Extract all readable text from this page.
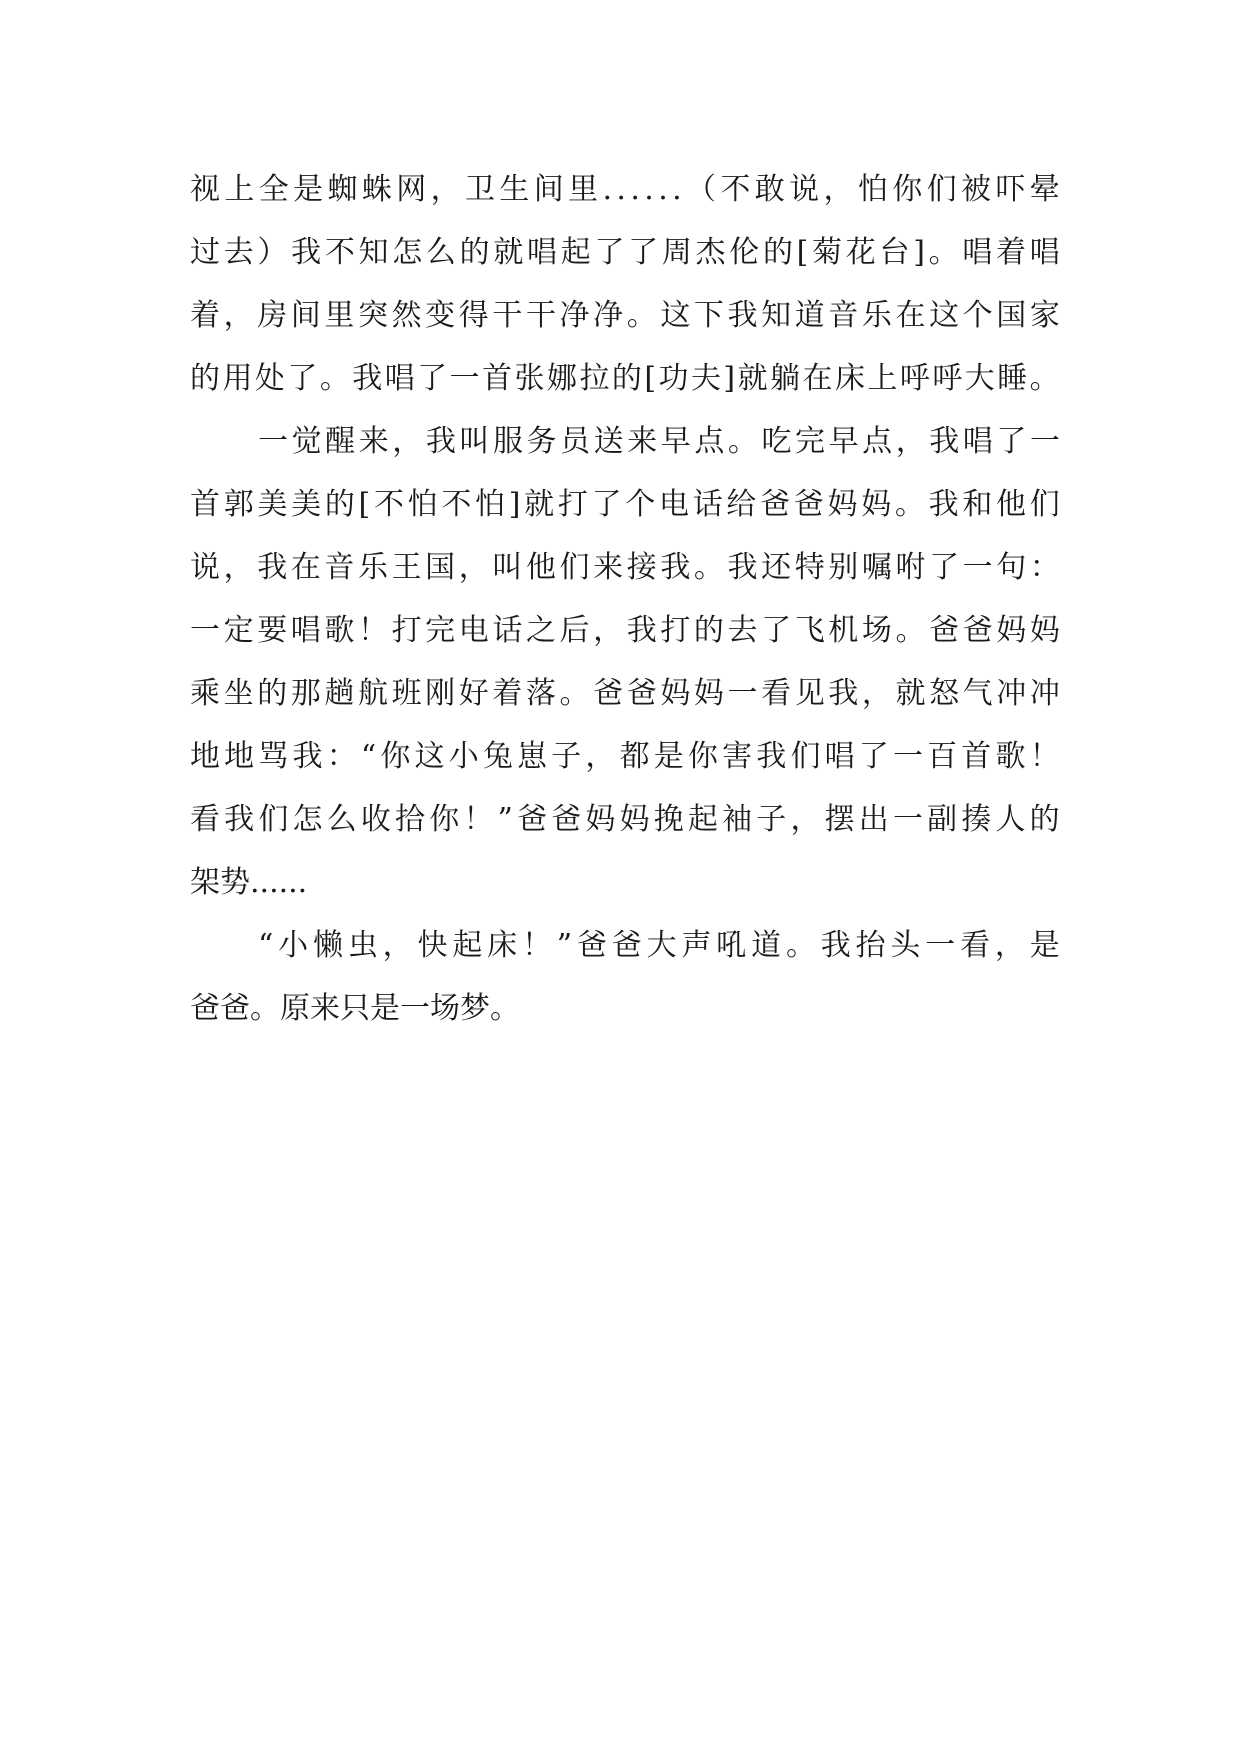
视 上 全 是 蜘 蛛 网 ， 卫 生 间 里 . . . . . . （ 不 敢 说 ， 怕 你 们 被 吓 晕
过 去 ） 我 不 知 怎 么 的 就 唱 起 了 了 周 杰 伦 的 [ 菊 花 台 ] 。 唱 着 唱
着 ， 房 间 里 突 然 变 得 干 干 净 净 。 这 下 我 知 道 音 乐 在 这 个 国 家
的 用 处 了 。 我 唱 了 一 首 张 娜 拉 的 [ 功 夫 ] 就 躺 在 床 上 呼 呼 大 睡 。
一 觉 醒 来 ， 我 叫 服 务 员 送 来 早 点 。 吃 完 早 点 ， 我 唱 了 一
首 郭 美 美 的 [ 不 怕 不 怕 ] 就 打 了 个 电 话 给 爸 爸 妈 妈 。 我 和 他 们
说 ， 我 在 音 乐 王 国 ， 叫 他 们 来 接 我 。 我 还 特 别 嘱 咐 了 一 句 ：
一 定 要 唱 歌 ！ 打 完 电 话 之 后 ， 我 打 的 去 了 飞 机 场 。 爸 爸 妈 妈
乘 坐 的 那 趟 航 班 刚 好 着 落 。 爸 爸 妈 妈 一 看 见 我 ， 就 怒 气 冲 冲
地 地 骂 我 ： “ 你 这 小 兔 崽 子 ， 都 是 你 害 我 们 唱 了 一 百 首 歌 ！
看 我 们 怎 么 收 拾 你 ！ ” 爸 爸 妈 妈 挽 起 袖 子 ， 摆 出 一 副 揍 人 的
架势......
“ 小 懒 虫 ， 快 起 床 ！ ” 爸 爸 大 声 吼 道 。 我 抬 头 一 看 ， 是
爸爸。原来只是一场梦。
